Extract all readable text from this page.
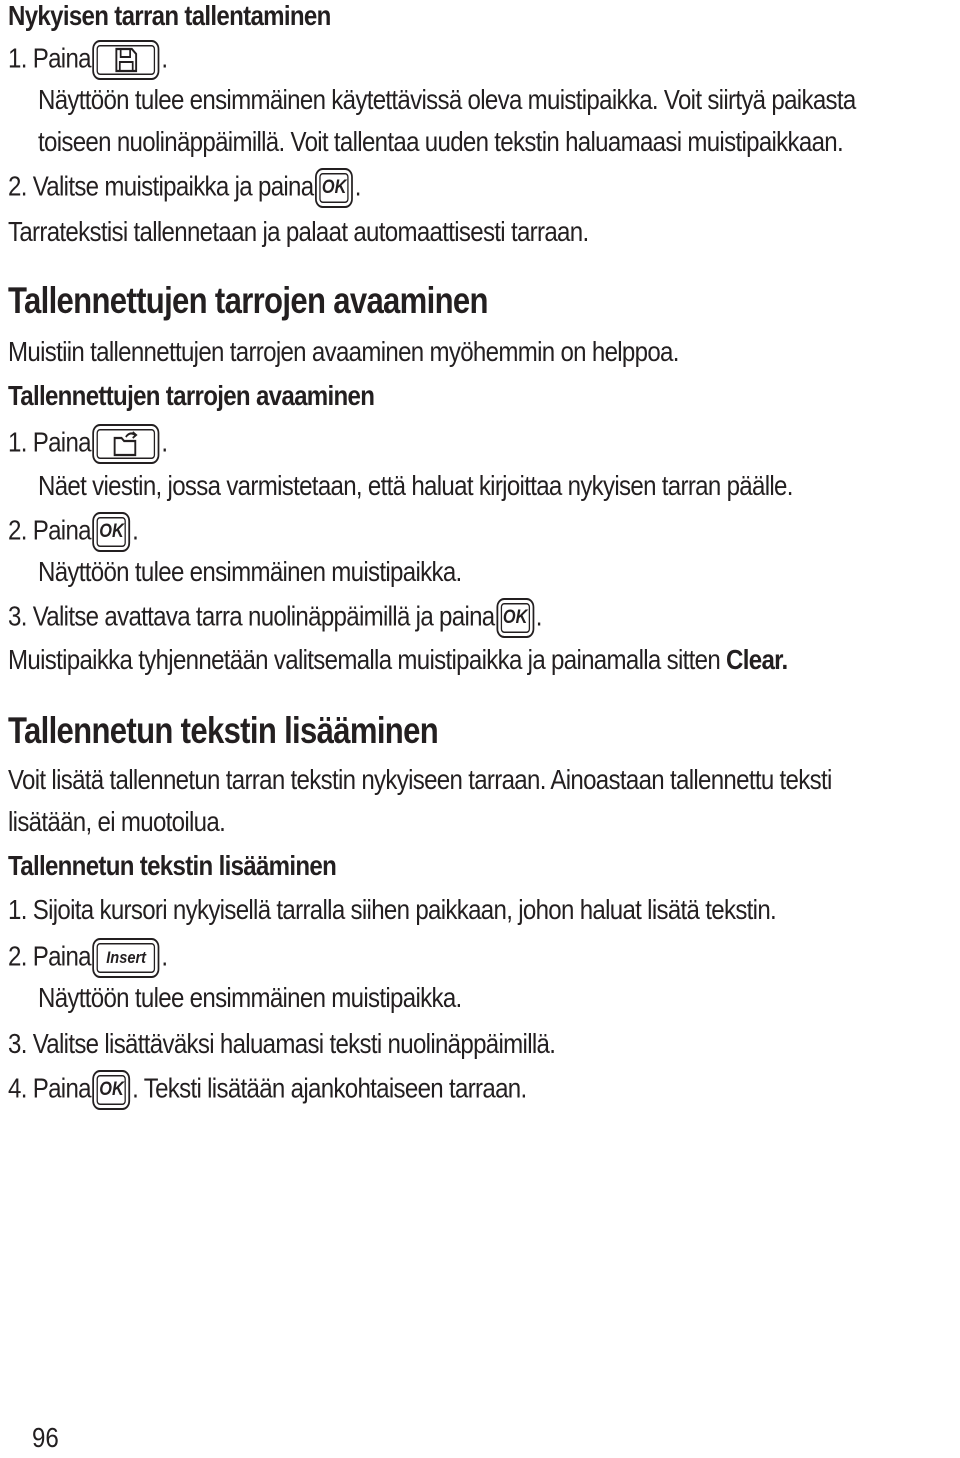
Nykyisen tarran tallentaminen
1. Paina	.
Näyttöön tulee ensimmäinen käytettävissä oleva muistipaikka. Voit siirtyä paikasta
toiseen nuolinäppäimillä. Voit tallentaa uuden tekstin haluamaasi muistipaikkaan.
2. Valitse muistipaikka ja paina OK .
Tarratekstisi tallennetaan ja palaat automaattisesti tarraan.
Tallennettujen tarrojen avaaminen
Muistiin tallennettujen tarrojen avaaminen myöhemmin on helppoa.
Tallennettujen tarrojen avaaminen
1. Paina	.
Näet viestin, jossa varmistetaan, että haluat kirjoittaa nykyisen tarran päälle.
2. Paina OK .
Näyttöön tulee ensimmäinen muistipaikka.
3. Valitse avattava tarra nuolinäppäimillä ja paina OK .
Muistipaikka tyhjennetään valitsemalla muistipaikka ja painamalla sitten Clear.
Tallennetun tekstin lisääminen
Voit lisätä tallennetun tarran tekstin nykyiseen tarraan. Ainoastaan tallennettu teksti
lisätään, ei muotoilua.
Tallennetun tekstin lisääminen
1. Sijoita kursori nykyisellä tarralla siihen paikkaan, johon haluat lisätä tekstin.
2. Paina Insert .
Näyttöön tulee ensimmäinen muistipaikka.
3. Valitse lisättäväksi haluamasi teksti nuolinäppäimillä.
4. Paina OK . Teksti lisätään ajankohtaiseen tarraan.
96
